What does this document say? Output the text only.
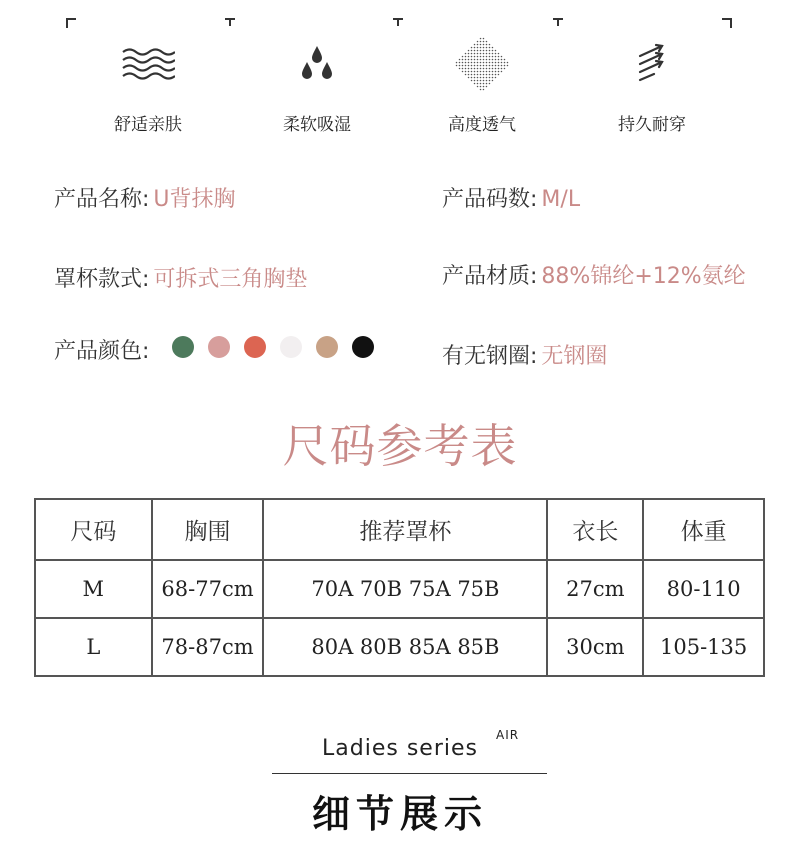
舒适亲肤	柔软吸湿	高度透气	持久耐穿
产品名称: U背抹胸	产品码数: M/L
罩杯款式: 可拆式三角胸垫	产品材质: 88%锦纶+12%氨纶
产品颜色:	有无钢圈: 无钢圈
尺码参考表
尺码	胸围	推荐罩杯	衣长	体重
M	68-77cm	70A 70B 75A 75B	27cm	80-110
L	78-87cm	80A 80B 85A 85B	30cm	105-135
Ladies series
AIR
细节展示
